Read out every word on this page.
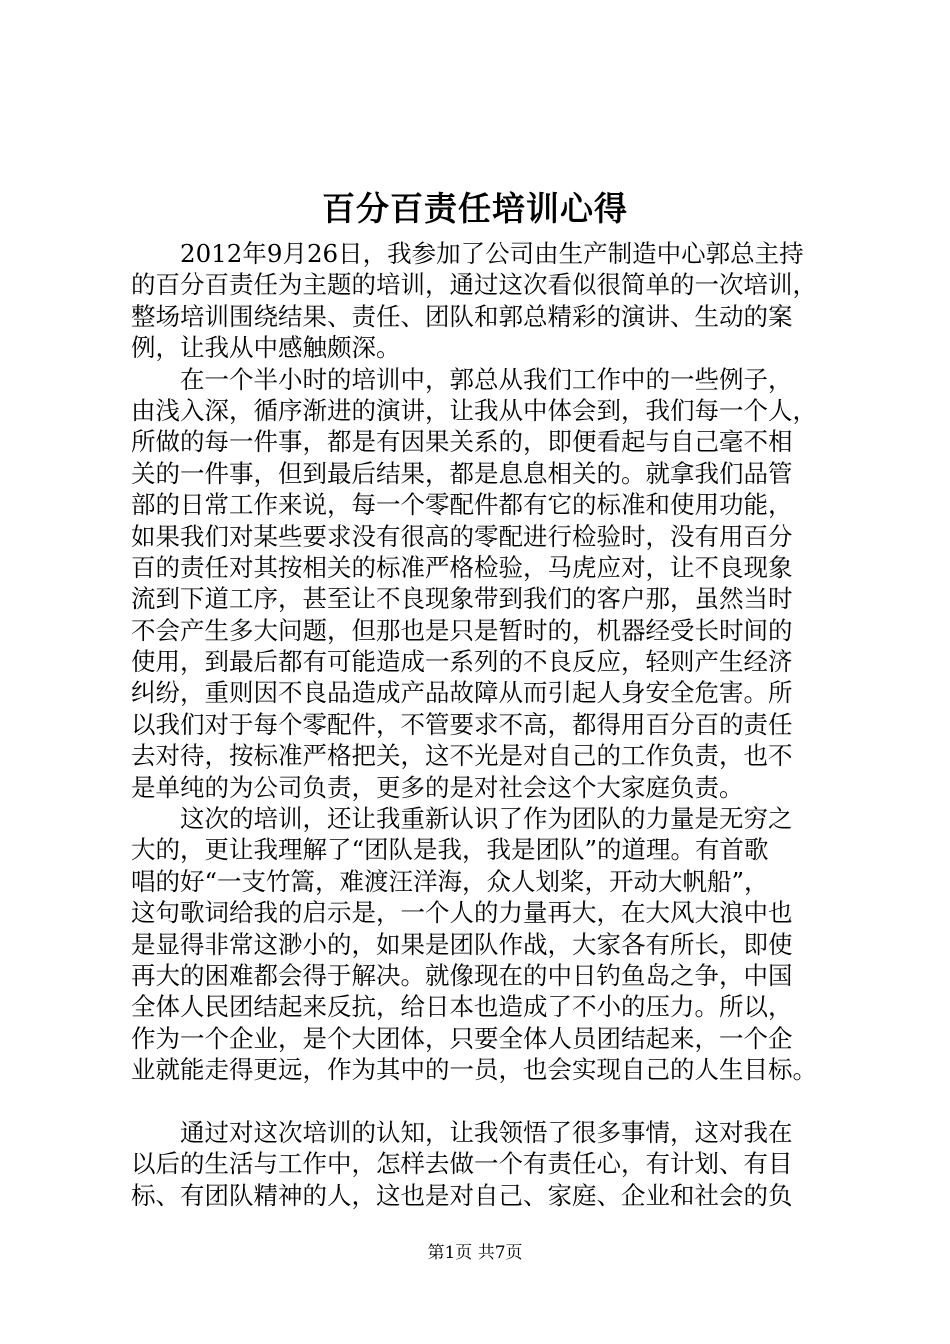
百分百责任培训心得
2012年9月26日，我参加了公司由生产制造中心郭总主持
的百分百责任为主题的培训，通过这次看似很简单的一次培训，
整场培训围绕结果、责任、团队和郭总精彩的演讲、生动的案
例，让我从中感触颇深。
在一个半小时的培训中，郭总从我们工作中的一些例子，
由浅入深，循序渐进的演讲，让我从中体会到，我们每一个人，
所做的每一件事，都是有因果关系的，即便看起与自己毫不相
关的一件事，但到最后结果，都是息息相关的。就拿我们品管
部的日常工作来说，每一个零配件都有它的标准和使用功能，
如果我们对某些要求没有很高的零配进行检验时，没有用百分
百的责任对其按相关的标准严格检验，马虎应对，让不良现象
流到下道工序，甚至让不良现象带到我们的客户那，虽然当时
不会产生多大问题，但那也是只是暂时的，机器经受长时间的
使用，到最后都有可能造成一系列的不良反应，轻则产生经济
纠纷，重则因不良品造成产品故障从而引起人身安全危害。所
以我们对于每个零配件，不管要求不高，都得用百分百的责任
去对待，按标准严格把关，这不光是对自己的工作负责，也不
是单纯的为公司负责，更多的是对社会这个大家庭负责。
这次的培训，还让我重新认识了作为团队的力量是无穷之
大的，更让我理解了“团队是我，我是团队”的道理。有首歌
唱的好“一支竹篙，难渡汪洋海，众人划桨，开动大帆船”，
这句歌词给我的启示是，一个人的力量再大，在大风大浪中也
是显得非常这渺小的，如果是团队作战，大家各有所长，即使
再大的困难都会得于解决。就像现在的中日钓鱼岛之争，中国
全体人民团结起来反抗，给日本也造成了不小的压力。所以，
作为一个企业，是个大团体，只要全体人员团结起来，一个企
业就能走得更远，作为其中的一员，也会实现自己的人生目标。
通过对这次培训的认知，让我领悟了很多事情，这对我在
以后的生活与工作中，怎样去做一个有责任心，有计划、有目
标、有团队精神的人，这也是对自己、家庭、企业和社会的负
第1页 共7页
